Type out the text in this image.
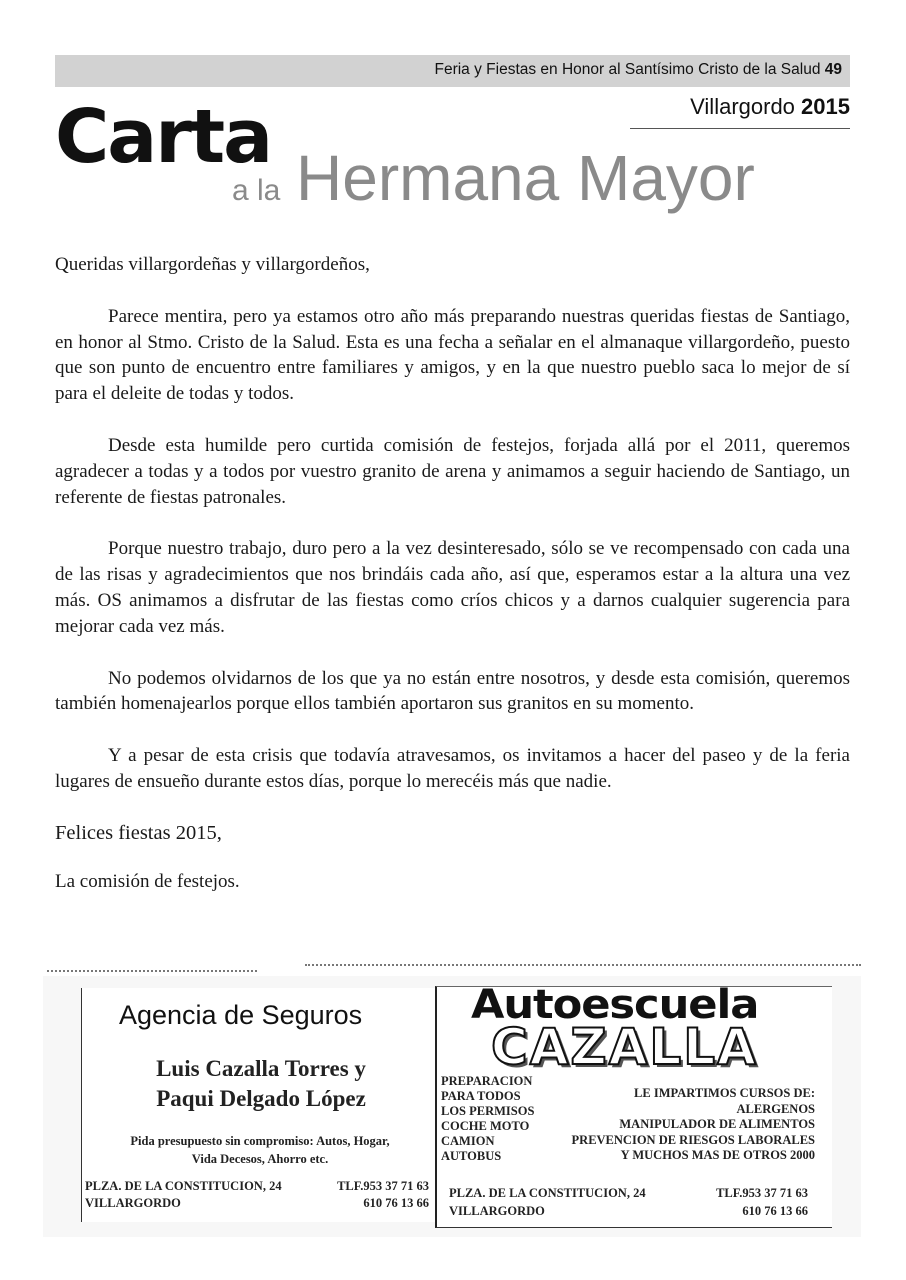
Feria y Fiestas en Honor al Santísimo Cristo de la Salud 49
Villargordo 2015
Carta
a la Hermana Mayor

Queridas villargordeñas y villargordeños,

Parece mentira, pero ya estamos otro año más preparando nuestras queridas fiestas de Santiago, en honor al Stmo. Cristo de la Salud. Esta es una fecha a señalar en el almanaque villargordeño, puesto que son punto de encuentro entre familiares y amigos, y en la que nuestro pueblo saca lo mejor de sí para el deleite de todas y todos.

Desde esta humilde pero curtida comisión de festejos, forjada allá por el 2011, queremos agradecer a todas y a todos por vuestro granito de arena y animamos a seguir haciendo de Santiago, un referente de fiestas patronales.

Porque nuestro trabajo, duro pero a la vez desinteresado, sólo se ve recompensado con cada una de las risas y agradecimientos que nos brindáis cada año, así que, esperamos estar a la altura una vez más. OS animamos a disfrutar de las fiestas como críos chicos y a darnos cualquier sugerencia para mejorar cada vez más.

No podemos olvidarnos de los que ya no están entre nosotros, y desde esta comisión, queremos también homenajearlos porque ellos también aportaron sus granitos en su momento.

Y a pesar de esta crisis que todavía atravesamos, os invitamos a hacer del paseo y de la feria lugares de ensueño durante estos días, porque lo merecéis más que nadie.

Felices fiestas 2015,

La comisión de festejos.

Agencia de Seguros
Luis Cazalla Torres y
Paqui Delgado López
Pida presupuesto sin compromiso: Autos, Hogar,
Vida Decesos, Ahorro etc.
PLZA. DE LA CONSTITUCION, 24
VILLARGORDO
TLF.953 37 71 63
610 76 13 66
Autoescuela
CAZALLA
PREPARACION
PARA TODOS
LOS PERMISOS
COCHE MOTO
CAMION
AUTOBUS
LE IMPARTIMOS CURSOS DE:
ALERGENOS
MANIPULADOR DE ALIMENTOS
PREVENCION DE RIESGOS LABORALES
Y MUCHOS MAS DE OTROS 2000
PLZA. DE LA CONSTITUCION, 24
VILLARGORDO
TLF.953 37 71 63
610 76 13 66
